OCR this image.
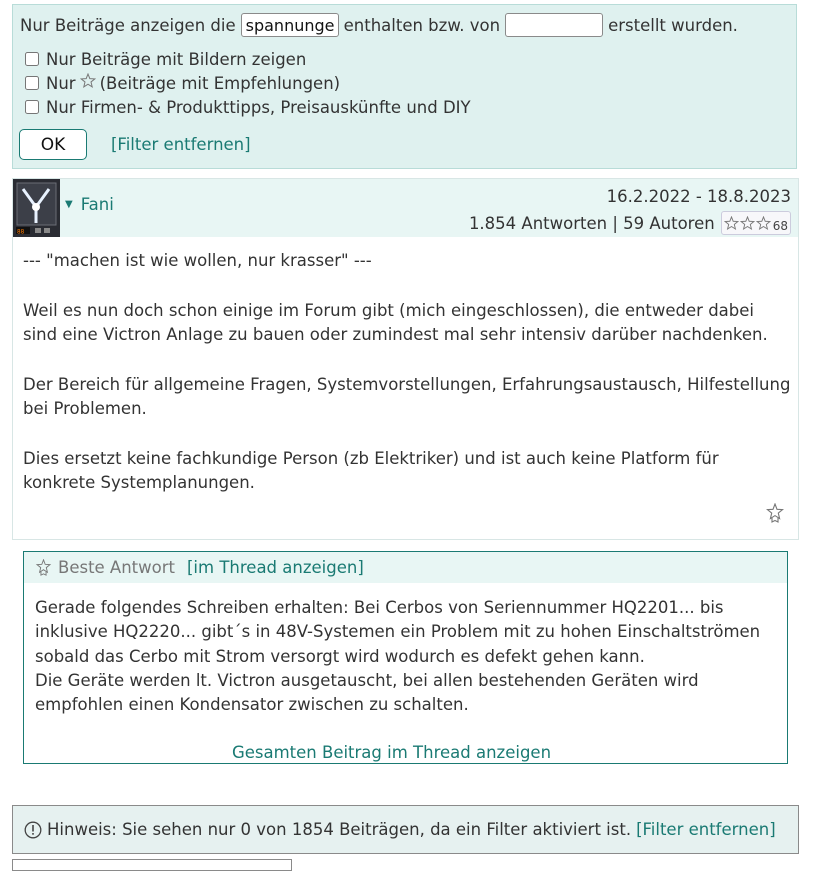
Nur Beiträge anzeigen die
spannunge	enthalten bzw. von	erstellt wurden.
Nur Beiträge mit Bildern zeigen
Nur (Beiträge mit Empfehlungen)
Nur Firmen- & Produkttipps, Preisauskünfte und DIY
OK	[Filter entfernen]
88
▼ Fani	16.2.2022 - 18.8.2023
1.854 Antworten | 59 Autoren	68

--- "machen ist wie wollen, nur krasser" ---

Weil es nun doch schon einige im Forum gibt (mich eingeschlossen), die entweder dabei sind eine Victron Anlage zu bauen oder zumindest mal sehr intensiv darüber nachdenken.

Der Bereich für allgemeine Fragen, Systemvorstellungen, Erfahrungsaustausch, Hilfestellung bei Problemen.

Dies ersetzt keine fachkundige Person (zb Elektriker) und ist auch keine Platform für konkrete Systemplanungen.

Beste Antwort [im Thread anzeigen]
Gerade folgendes Schreiben erhalten: Bei Cerbos von Seriennummer HQ2201... bis inklusive HQ2220... gibt´s in 48V-Systemen ein Problem mit zu hohen Einschaltströmen sobald das Cerbo mit Strom versorgt wird wodurch es defekt gehen kann.
Die Geräte werden lt. Victron ausgetauscht, bei allen bestehenden Geräten wird empfohlen einen Kondensator zwischen zu schalten.
Gesamten Beitrag im Thread anzeigen
Hinweis: Sie sehen nur 0 von 1854 Beiträgen, da ein Filter aktiviert ist. [Filter entfernen]
